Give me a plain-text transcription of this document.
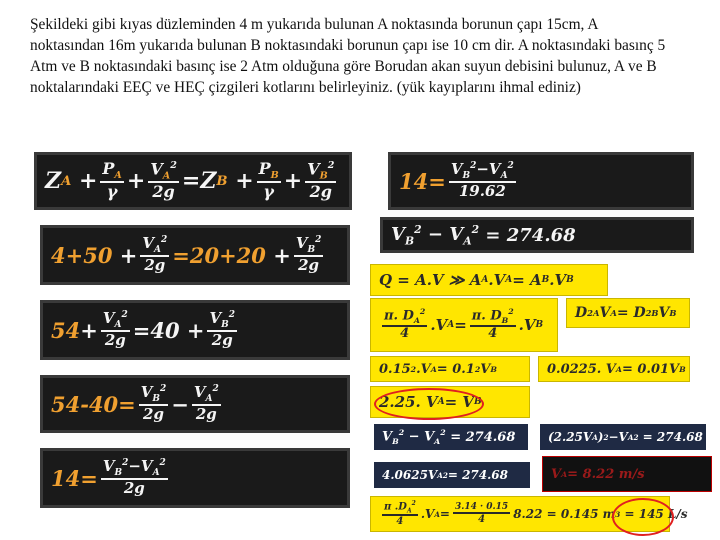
Şekildeki gibi kıyas düzleminden 4 m yukarıda bulunan A noktasında borunun çapı 15cm, A noktasından 16m yukarıda bulunan B noktasındaki borunun çapı ise 10 cm dir. A noktasındaki basınç 5 Atm ve B noktasındaki basınç ise 2 Atm olduğuna göre Borudan akan suyun debisini bulunuz, A ve B noktalarındaki EEÇ ve HEÇ çizgileri kotlarını belirleyiniz. (yük kayıplarını ihmal ediniz)
Z $A + \frac{P_A}{\gamma} + \frac{V_A^2}{2g} = Z$ $B + \frac{P_B}{\gamma} + \frac{V_B^2}{2g}$
$4+50 + \frac{V_A^2}{2g} =20+20 + \frac{V_B^2}{2g}$
$54 + \frac{V_A^2}{2g} =40 + \frac{V_B^2}{2g}$
$54-40= \frac{V_B^2}{2g} - \frac{V_A^2}{2g}$
$14= \frac{V_B^2-V_A^2}{2g}$
$14= \frac{V_B^2-V_A^2}{19.62}$
$V_B^2 - V_A^2 = 274.68$
Q = A.V ≫ A A .V A = A B .V B
$\frac{\pi. D_A^2}{4} .V$ $A = \frac{\pi. D_B^2}{4} .V$ B
D 2 A V A = D 2 B V B
0.15 2 .V A = 0.1 2 V B	0.0225. V A = 0.01V B
2.25. V A = V B
$V_B^2 - V_A^2 = 274.68$	(2.25V A ) 2 −V A 2
= 274.68
4.0625V A 2 = 274.68	V A = 8.22 m/s
$\frac{\pi .D_A^2}{4} .V$ $A = \frac{3.14 \cdot 0.15}{4} 8.22 = 0.145$ m 3
= 145 L/s
